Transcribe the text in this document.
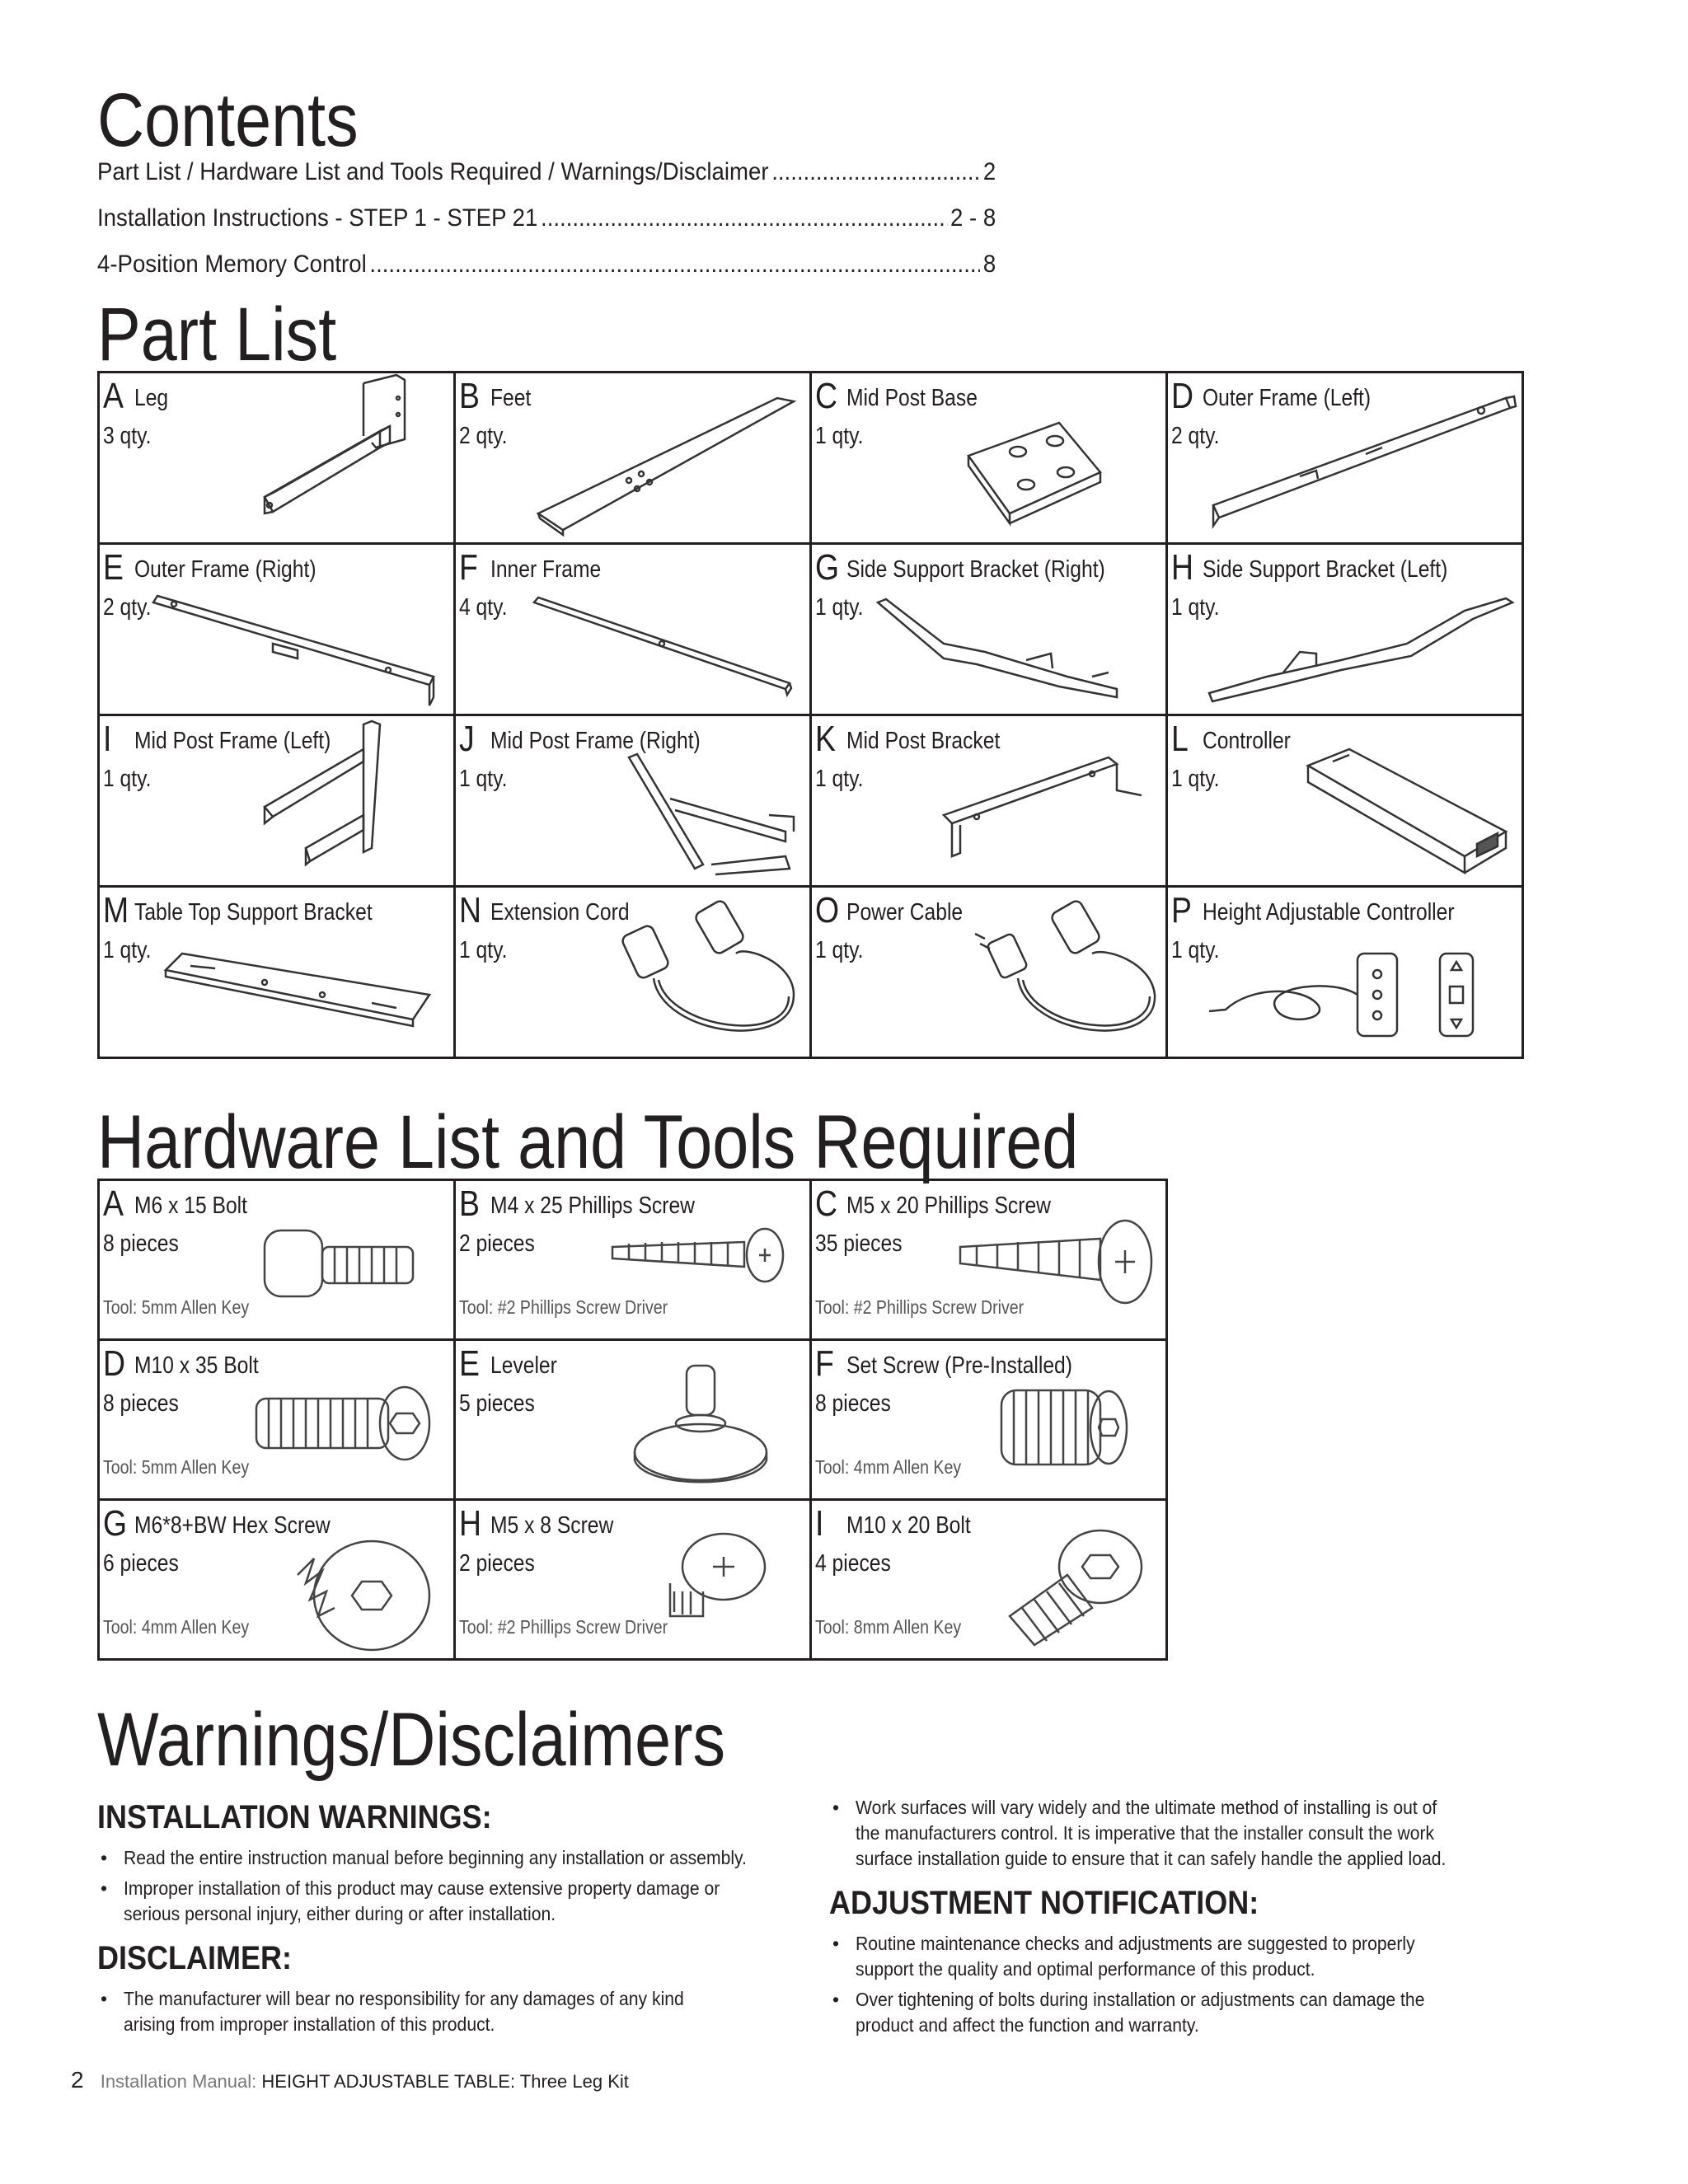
Contents
Part List / Hardware List and Tools Required / Warnings/Disclaimer .....	2
Installation Instructions - STEP 1 - STEP 21 .....	2 - 8
4-Position Memory Control .....	8
Part List
A Leg
3 qty.
B Feet
2 qty.
C Mid Post Base
1 qty.
D Outer Frame (Left)
2 qty.
E Outer Frame (Right)
2 qty.
F Inner Frame
4 qty.
G Side Support Bracket (Right)
1 qty.
H Side Support Bracket (Left)
1 qty.
I Mid Post Frame (Left)
1 qty.
J Mid Post Frame (Right)
1 qty.
K Mid Post Bracket
1 qty.
L Controller
1 qty.
M Table Top Support Bracket
1 qty.
N Extension Cord
1 qty.
O Power Cable
1 qty.
P Height Adjustable Controller
1 qty.
Hardware List and Tools Required
A M6 x 15 Bolt
8 pieces
Tool: 5mm Allen Key
B M4 x 25 Phillips Screw
2 pieces
Tool: #2 Phillips Screw Driver
C M5 x 20 Phillips Screw
35 pieces
Tool: #2 Phillips Screw Driver
D M10 x 35 Bolt
8 pieces
Tool: 5mm Allen Key
E Leveler
5 pieces
F Set Screw (Pre-Installed)
8 pieces
Tool: 4mm Allen Key
G M6*8+BW Hex Screw
6 pieces
Tool: 4mm Allen Key
H M5 x 8 Screw
2 pieces
Tool: #2 Phillips Screw Driver
I M10 x 20 Bolt
4 pieces
Tool: 8mm Allen Key
Warnings/Disclaimers
INSTALLATION WARNINGS:
• Read the entire instruction manual before beginning any installation or assembly.
• Improper installation of this product may cause extensive property damage or serious personal injury, either during or after installation.
DISCLAIMER:
• The manufacturer will bear no responsibility for any damages of any kind arising from improper installation of this product.
• Work surfaces will vary widely and the ultimate method of installing is out of the manufacturers control. It is imperative that the installer consult the work surface installation guide to ensure that it can safely handle the applied load.
ADJUSTMENT NOTIFICATION:
• Routine maintenance checks and adjustments are suggested to properly support the quality and optimal performance of this product.
• Over tightening of bolts during installation or adjustments can damage the product and affect the function and warranty.
2 Installation Manual: HEIGHT ADJUSTABLE TABLE: Three Leg Kit
